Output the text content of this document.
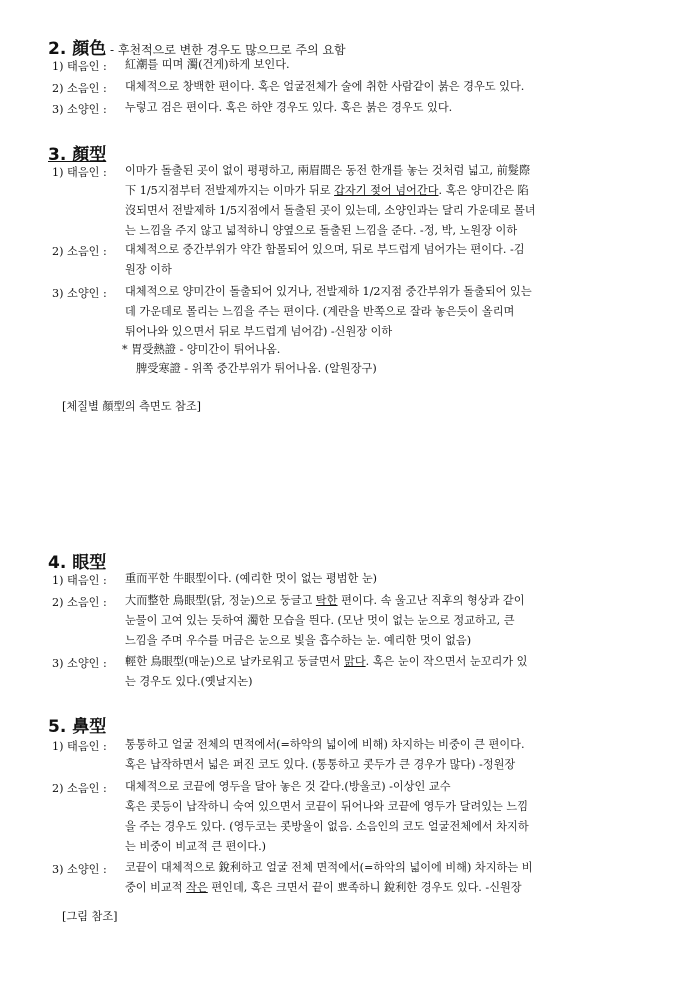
2. 顔色 - 후천적으로 변한 경우도 많으므로 주의 요함
1) 태음인 : 紅潮를 띠며 濁(건게)하게 보인다.
2) 소음인 : 대체적으로 창백한 편이다. 혹은 얼굴전체가 술에 취한 사람같이 붉은 경우도 있다.
3) 소양인 : 누렇고 검은 편이다. 혹은 하얀 경우도 있다. 혹은 붉은 경우도 있다.
3. 顏型
1) 태음인 : 이마가 돌출된 곳이 없이 평평하고, 兩眉間은 동전 한개를 놓는 것처럼 넓고, 前髮際
下 1/5지점부터 전발제까지는 이마가 뒤로 갑자기 젖어 넘어간다. 혹은 양미간은 陷
沒되면서 전발제하 1/5지점에서 돌출된 곳이 있는데, 소양인과는 달리 가운데로 몰녀
는 느낌을 주지 않고 넓적하니 양옆으로 돌출된 느낌을 준다. -정, 박, 노원장 이하
2) 소음인 : 대체적으로 중간부위가 약간 함몰되어 있으며, 뒤로 부드럽게 넘어가는 편이다. -김
원장 이하
3) 소양인 : 대체적으로 양미간이 돌출되어 있거나, 전발제하 1/2지점 중간부위가 돌출되어 있는
데 가운데로 몰리는 느낌을 주는 편이다. (계란을 반쪽으로 잘라 놓은듯이 올리며
튀어나와 있으면서 뒤로 부드럽게 넘어감) -신원장 이하
* 胃受熱證 - 양미간이 튀어나옴.
脾受寒證 - 위쪽 중간부위가 튀어나옴. (알원장구)
[체질별 顏型의 측면도 참조]
4. 眼型
1) 태음인 : 重而平한 牛眼型이다. (예리한 멋이 없는 평범한 눈)
2) 소음인 : 大而整한 鳥眼型(닭, 정눈)으로 둥글고 탁한 편이다. 속 울고난 직후의 형상과 같이
눈물이 고여 있는 듯하여 濁한 모습을 띈다. (모난 멋이 없는 눈으로 정교하고, 큰
느낌을 주며 우수를 머금은 눈으로 빛을 흡수하는 눈. 예리한 멋이 없음)
3) 소양인 : 輕한 鳥眼型(매눈)으로 날카로워고 둥글면서 맑다. 혹은 눈이 작으면서 눈꼬리가 있
는 경우도 있다.(옛날지논)
5. 鼻型
1) 태음인 : 통통하고 얼굴 전체의 면적에서(=하악의 넓이에 비해) 차지하는 비중이 큰 편이다.
혹은 납작하면서 넓은 퍼진 코도 있다. (통통하고 콧두가 큰 경우가 많다) -정원장
2) 소음인 : 대체적으로 코끝에 영두을 달아 놓은 것 같다.(방울코) -이상인 교수
혹은 콧등이 납작하니 숙여 있으면서 코끝이 뒤어나와 코끝에 영두가 달려있는 느낌
을 주는 경우도 있다. (영두코는 콧방울이 없음. 소음인의 코도 얼굴전체에서 차지하
는 비중이 비교적 큰 편이다.)
3) 소양인 : 코끝이 대체적으로 銳利하고 얼굴 전체 면적에서(=하악의 넓이에 비해) 차지하는 비
중이 비교적 작은 편인데, 혹은 크면서 끝이 뾰족하니 銳利한 경우도 있다. -신원장
[그림 참조]
